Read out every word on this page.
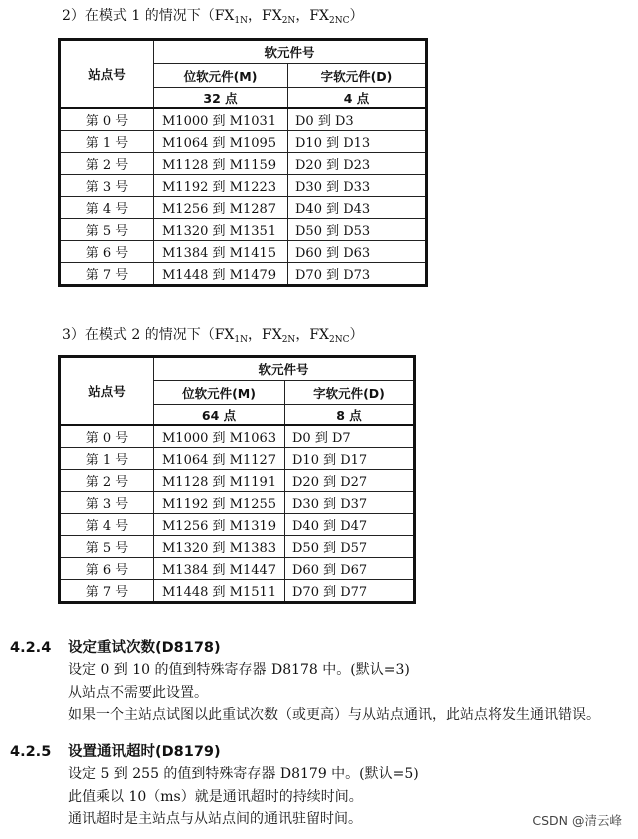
2）在模式 1 的情况下（$FX_{1N}$，$FX_{2N}$，$FX_{2NC}$）
站点号	软元件号	
	位软元件(M)	字软元件(D)
	32 点	4 点
第 0 号	M1000 到 M1031	D0 到 D3
第 1 号	M1064 到 M1095	D10 到 D13
第 2 号	M1128 到 M1159	D20 到 D23
第 3 号	M1192 到 M1223	D30 到 D33
第 4 号	M1256 到 M1287	D40 到 D43
第 5 号	M1320 到 M1351	D50 到 D53
第 6 号	M1384 到 M1415	D60 到 D63
第 7 号	M1448 到 M1479	D70 到 D73
3）在模式 2 的情况下（$FX_{1N}$，$FX_{2N}$，$FX_{2NC}$）
站点号	软元件号	
	位软元件(M)	字软元件(D)
	64 点	8 点
第 0 号	M1000 到 M1063	D0 到 D7
第 1 号	M1064 到 M1127	D10 到 D17
第 2 号	M1128 到 M1191	D20 到 D27
第 3 号	M1192 到 M1255	D30 到 D37
第 4 号	M1256 到 M1319	D40 到 D47
第 5 号	M1320 到 M1383	D50 到 D57
第 6 号	M1384 到 M1447	D60 到 D67
第 7 号	M1448 到 M1511	D70 到 D77
4.2.4 设定重试次数(D8178)
设定 0 到 10 的值到特殊寄存器 D8178 中。(默认=3)
从站点不需要此设置。
如果一个主站点试图以此重试次数（或更高）与从站点通讯，此站点将发生通讯错误。
4.2.5 设置通讯超时(D8179)
设定 5 到 255 的值到特殊寄存器 D8179 中。(默认=5)
此值乘以 10（ms）就是通讯超时的持续时间。
通讯超时是主站点与从站点间的通讯驻留时间。	CSDN @清云峰
